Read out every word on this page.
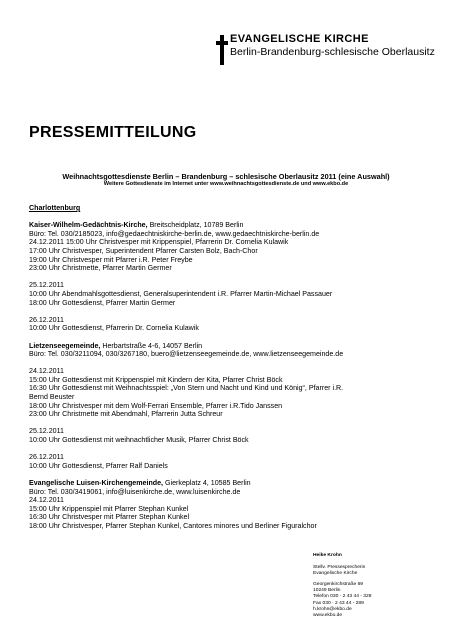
EVANGELISCHE KIRCHE
Berlin-Brandenburg-schlesische Oberlausitz
PRESSEMITTEILUNG
Weihnachtsgottesdienste Berlin – Brandenburg – schlesische Oberlausitz 2011 (eine Auswahl)
Weitere Gottesdienste im Internet unter www.weihnachtsgottesdienste.de und www.ekbo.de
Charlottenburg
Kaiser-Wilhelm-Gedächtnis-Kirche, Breitscheidplatz, 10789 Berlin
Büro: Tel. 030/2185023, info@gedaechtniskirche-berlin.de, www.gedaechtniskirche-berlin.de
24.12.2011 15:00 Uhr Christvesper mit Krippenspiel, Pfarrerin Dr. Cornelia Kulawik
17:00 Uhr Christvesper, Superintendent Pfarrer Carsten Bolz, Bach-Chor
19:00 Uhr Christvesper mit Pfarrer i.R. Peter Freybe
23:00 Uhr Christmette, Pfarrer Martin Germer
25.12.2011
10:00 Uhr Abendmahlsgottesdienst, Generalsuperintendent i.R. Pfarrer Martin-Michael Passauer
18:00 Uhr Gottesdienst, Pfarrer Martin Germer
26.12.2011
10:00 Uhr Gottesdienst, Pfarrerin Dr. Cornelia Kulawik
Lietzenseegemeinde, Herbartstraße 4-6, 14057 Berlin
Büro: Tel. 030/3211094, 030/3267180, buero@lietzenseegemeinde.de, www.lietzenseegemeinde.de
24.12.2011
15:00 Uhr Gottesdienst mit Krippenspiel mit Kindern der Kita, Pfarrer Christ Böck
16:30 Uhr Gottesdienst mit Weihnachtsspiel: „Von Stern und Nacht und Kind und König“, Pfarrer i.R.
Bernd Beuster
18:00 Uhr Christvesper mit dem Wolf-Ferrari Ensemble, Pfarrer i.R.Tido Janssen
23:00 Uhr Christmette mit Abendmahl, Pfarrerin Jutta Schreur
25.12.2011
10:00 Uhr Gottesdienst mit weihnachtlicher Musik, Pfarrer Christ Böck
26.12.2011
10:00 Uhr Gottesdienst, Pfarrer Ralf Daniels
Evangelische Luisen-Kirchengemeinde, Gierkeplatz 4, 10585 Berlin
Büro: Tel. 030/3419061, info@luisenkirche.de, www.luisenkirche.de
24.12.2011
15:00 Uhr Krippenspiel mit Pfarrer Stephan Kunkel
16:30 Uhr Christvesper mit Pfarrer Stephan Kunkel
18:00 Uhr Christvesper, Pfarrer Stephan Kunkel, Cantores minores und Berliner Figuralchor
Heike Krohn
Stellv. Pressesprecherin
Evangelische Kirche
Georgenkirchstraße 69
10249 Berlin
Telefon 030 · 2 43 44 - 328
Fax 030 · 2 43 44 - 289
h.krohn@ekbo.de
www.ekbo.de
